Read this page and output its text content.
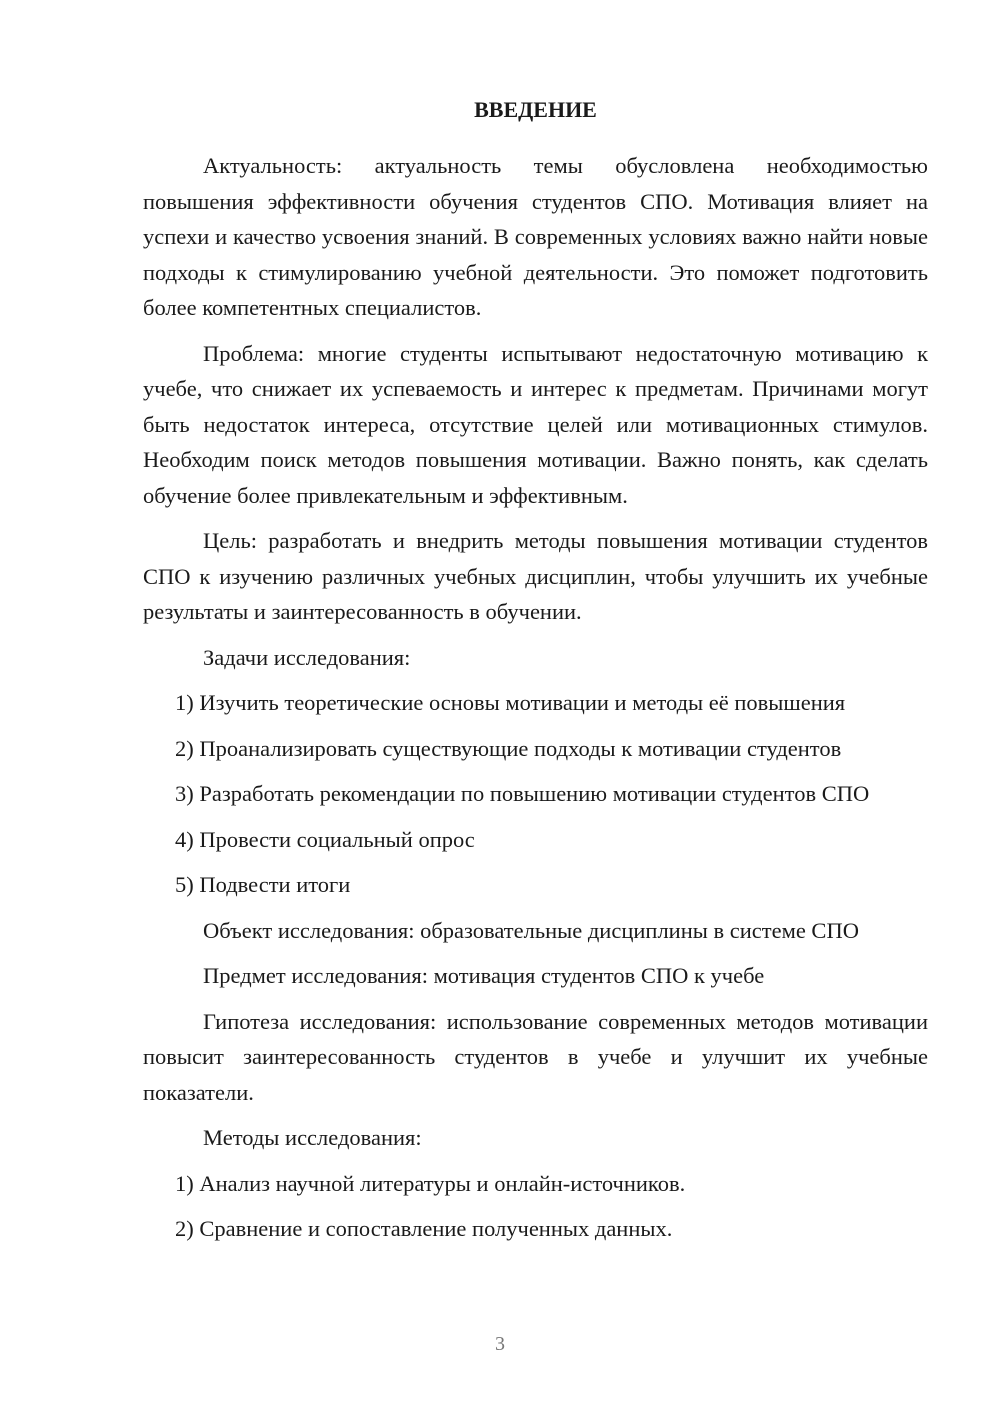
ВВЕДЕНИЕ

Актуальность: актуальность темы обусловлена необходимостью повышения эффективности обучения студентов СПО. Мотивация влияет на успехи и качество усвоения знаний. В современных условиях важно найти новые подходы к стимулированию учебной деятельности. Это поможет подготовить более компетентных специалистов.

Проблема: многие студенты испытывают недостаточную мотивацию к учебе, что снижает их успеваемость и интерес к предметам. Причинами могут быть недостаток интереса, отсутствие целей или мотивационных стимулов. Необходим поиск методов повышения мотивации. Важно понять, как сделать обучение более привлекательным и эффективным.

Цель: разработать и внедрить методы повышения мотивации студентов СПО к изучению различных учебных дисциплин, чтобы улучшить их учебные результаты и заинтересованность в обучении.

Задачи исследования:

1) Изучить теоретические основы мотивации и методы её повышения

2) Проанализировать существующие подходы к мотивации студентов

3) Разработать рекомендации по повышению мотивации студентов СПО

4) Провести социальный опрос

5) Подвести итоги

Объект исследования: образовательные дисциплины в системе СПО

Предмет исследования: мотивация студентов СПО к учебе

Гипотеза исследования: использование современных методов мотивации повысит заинтересованность студентов в учебе и улучшит их учебные показатели.

Методы исследования:

1) Анализ научной литературы и онлайн-источников.

2) Сравнение и сопоставление полученных данных.

3
